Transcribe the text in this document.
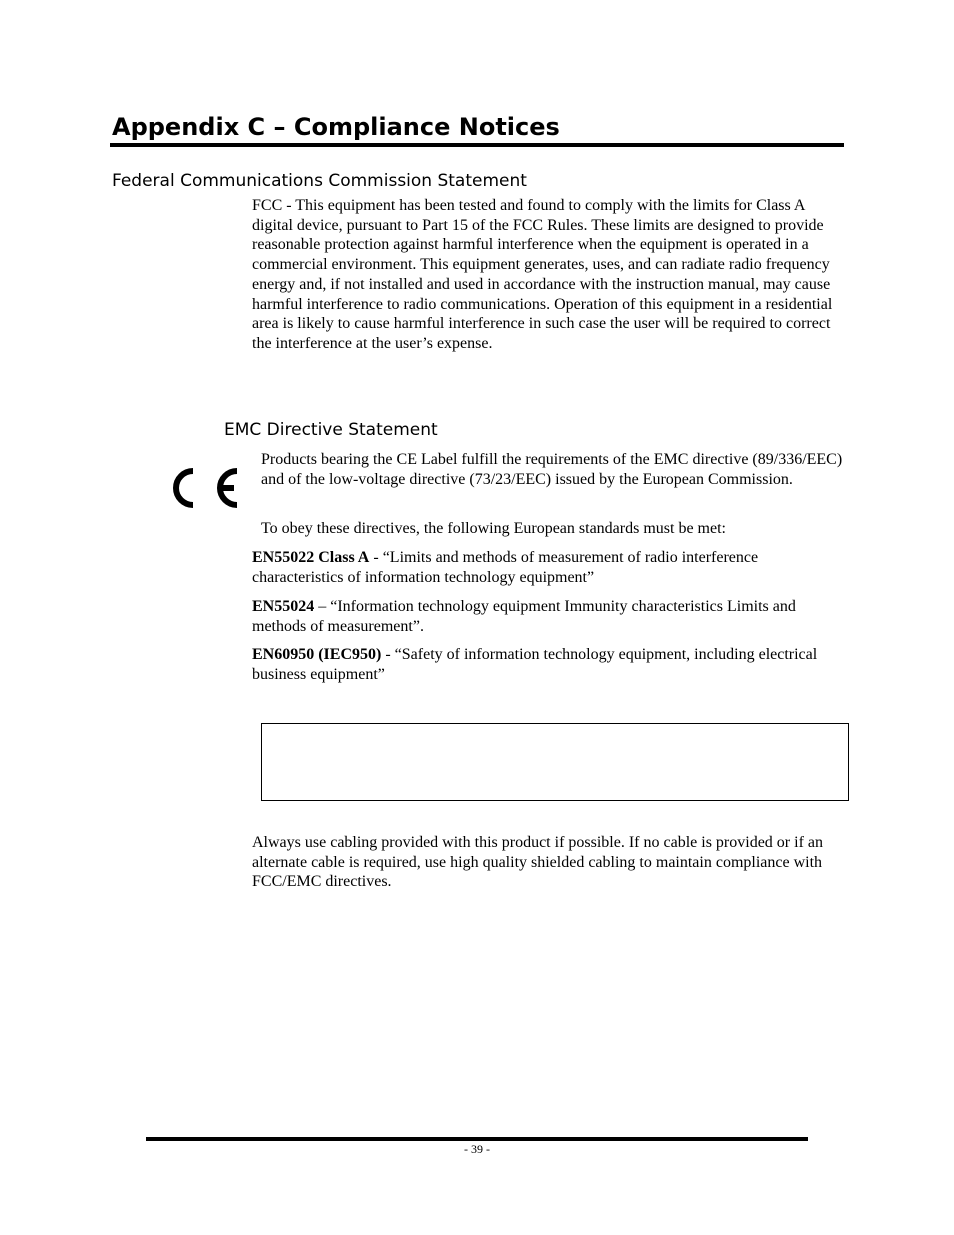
Appendix C – Compliance Notices
Federal Communications Commission Statement

FCC - This equipment has been tested and found to comply with the limits for Class A digital device, pursuant to Part 15 of the FCC Rules. These limits are designed to provide reasonable protection against harmful interference when the equipment is operated in a commercial environment. This equipment generates, uses, and can radiate radio frequency energy and, if not installed and used in accordance with the instruction manual, may cause harmful interference to radio communications. Operation of this equipment in a residential area is likely to cause harmful interference in such case the user will be required to correct the interference at the user’s expense.

EMC Directive Statement

Products bearing the CE Label fulfill the requirements of the EMC directive (89/336/EEC) and of the low-voltage directive (73/23/EEC) issued by the European Commission.

To obey these directives, the following European standards must be met:

EN55022 Class A - “Limits and methods of measurement of radio interference characteristics of information technology equipment”

EN55024 – “Information technology equipment Immunity characteristics Limits and methods of measurement”.

EN60950 (IEC950) - “Safety of information technology equipment, including electrical business equipment”

Always use cabling provided with this product if possible. If no cable is provided or if an alternate cable is required, use high quality shielded cabling to maintain compliance with FCC/EMC directives.

- 39 -
